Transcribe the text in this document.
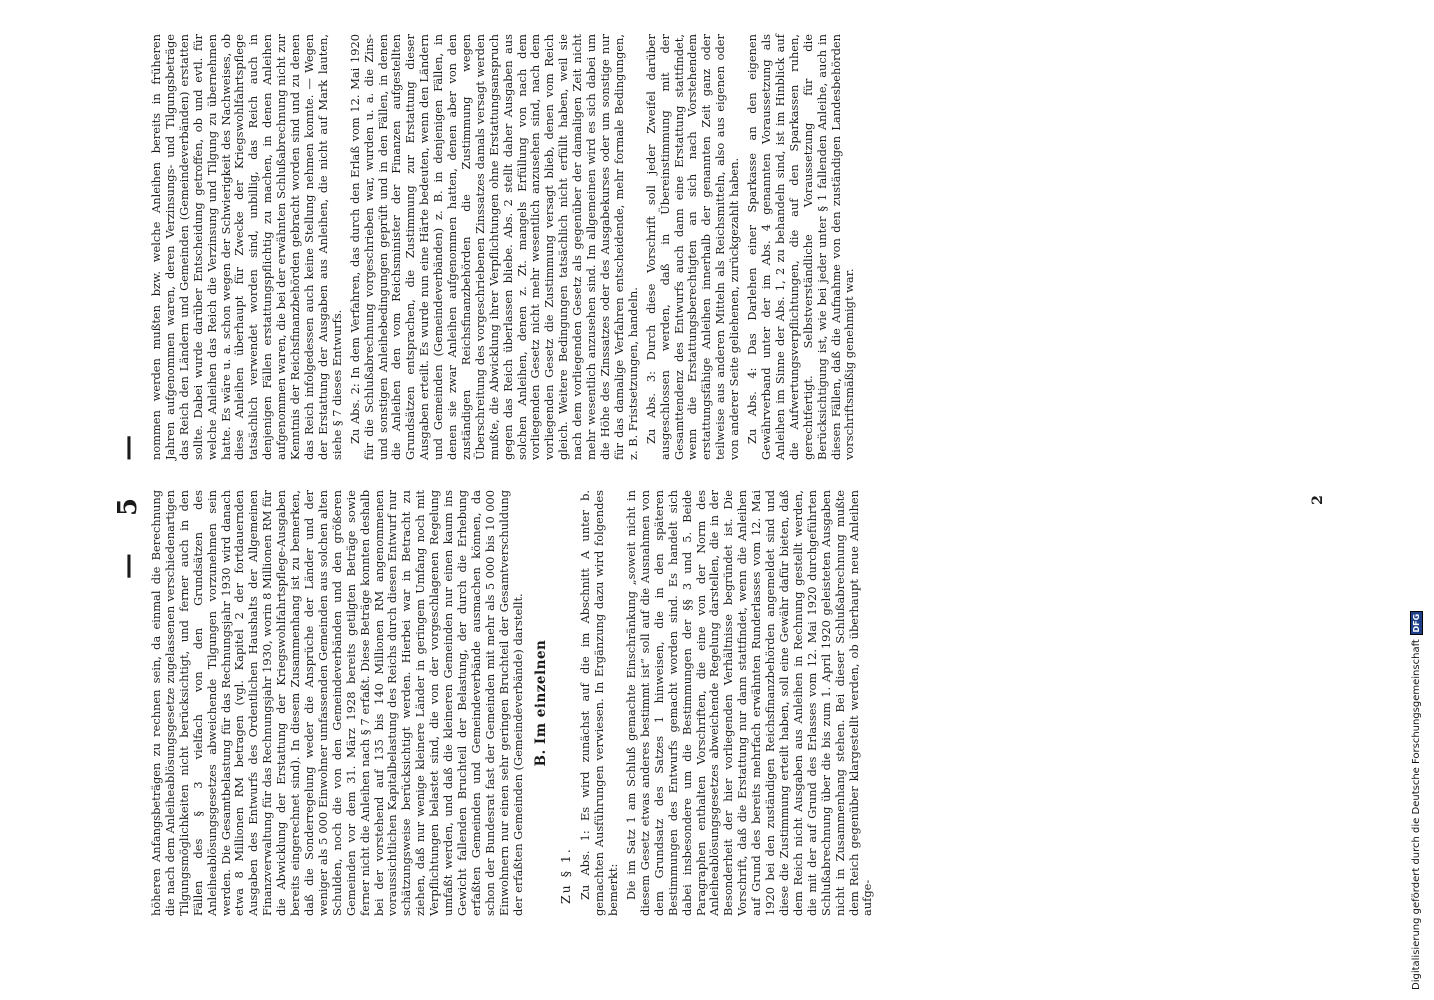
— 5 — höheren Anfangsbeträgen zu rechnen sein, da einmal die Berechnung die nach dem Anleiheablösungsgesetze zugelassenen verschiedenartigen Tilgungsmöglichkeiten nicht berücksichtigt, und ferner auch in den Fällen des § 3 vielfach von den Grundsätzen des Anleiheablösungsgesetzes abweichende Tilgungen vorzunehmen sein werden. Die Gesamtbelastung für das Rechnungsjahr 1930 wird danach etwa 8 Millionen RM betragen (vgl. Kapitel 2 der fortdauernden Ausgaben des Entwurfs des Ordentlichen Haushalts der Allgemeinen Finanzverwaltung für das Rechnungsjahr 1930, worin 8 Millionen RM für die Abwicklung der Erstattung der Kriegswohlfahrtspflege-Ausgaben bereits eingerechnet sind). In diesem Zusammenhang ist zu bemerken, daß die Sonderregelung weder die Ansprüche der Länder und der weniger als 5 000 Einwohner umfassenden Gemeinden aus solchen alten Schulden, noch die von den Gemeindeverbänden und den größeren Gemeinden vor dem 31. März 1928 bereits getilgten Beträge sowie ferner nicht die Anleihen nach § 7 erfaßt. Diese Beträge konnten deshalb bei der vorstehend auf 135 bis 140 Millionen RM angenommenen voraussichtlichen Kapitalbelastung des Reichs durch diesen Entwurf nur schätzungsweise berücksichtigt werden. Hierbei war in Betracht zu ziehen, daß nur wenige kleinere Länder in geringem Umfang noch mit Verpflichtungen belastet sind, die von der vorgeschlagenen Regelung umfaßt werden, und daß die kleineren Gemeinden nur einen kaum ins Gewicht fallenden Bruchteil der Belastung, der durch die Erhebung erfaßten Gemeinden und Gemeindeverbände ausmachen können, da schon der Bundesrat fast der Gemeinden mit mehr als 5 000 bis 10 000 Einwohnern nur einen sehr geringen Bruchteil der Gesamtverschuldung der erfaßten Gemeinden (Gemeindeverbände) darstellt. B. Im einzelnen
Zu § 1. Zu Abs. 1: Es wird zunächst auf die im Abschnitt A unter b. gemachten Ausführungen verwiesen. In Ergänzung dazu wird folgendes bemerkt: Die im Satz 1 am Schluß gemachte Einschränkung „soweit nicht in diesem Gesetz etwas anderes bestimmt ist“ soll auf die Ausnahmen von dem Grundsatz des Satzes 1 hinweisen, die in den späteren Bestimmungen des Entwurfs gemacht worden sind. Es handelt sich dabei insbesondere um die Bestimmungen der §§ 3 und 5. Beide Paragraphen enthalten Vorschriften, die eine von der Norm des Anleiheablösungsgesetzes abweichende Regelung darstellen, die in der Besonderheit der hier vorliegenden Verhältnisse begründet ist. Die Vorschrift, daß die Erstattung nur dann stattfindet, wenn die Anleihen auf Grund des bereits mehrfach erwähnten Runderlasses vom 12. Mai 1920 bei den zuständigen Reichsfinanzbehörden angemeldet sind und diese die Zustimmung erteilt haben, soll eine Gewähr dafür bieten, daß dem Reich nicht Ausgaben aus Anleihen in Rechnung gestellt werden, die mit der auf Grund des Erlasses vom 12. Mai 1920 durchgeführten Schlußabrechnung über die bis zum 1. April 1920 geleisteten Ausgaben nicht in Zusammenhang stehen. Bei dieser Schlußabrechnung mußte dem Reich gegenüber klargestellt werden, ob überhaupt neue Anleihen aufge-

nommen werden mußten bzw. welche Anleihen bereits in früheren Jahren aufgenommen waren, deren Verzinsungs- und Tilgungsbeträge das Reich den Ländern und Gemeinden (Gemeindeverbänden) erstatten sollte. Dabei wurde darüber Entscheidung getroffen, ob und evtl. für welche Anleihen das Reich die Verzinsung und Tilgung zu übernehmen hatte. Es wäre u. a. schon wegen der Schwierigkeit des Nachweises, ob diese Anleihen überhaupt für Zwecke der Kriegswohlfahrtspflege tatsächlich verwendet worden sind, unbillig, das Reich auch in denjenigen Fällen erstattungspflichtig zu machen, in denen Anleihen aufgenommen waren, die bei der erwähnten Schlußabrechnung nicht zur Kenntnis der Reichsfinanzbehörden gebracht worden sind und zu denen das Reich infolgedessen auch keine Stellung nehmen konnte. — Wegen der Erstattung der Ausgaben aus Anleihen, die nicht auf Mark lauten, siehe § 7 dieses Entwurfs. Zu Abs. 2: In dem Verfahren, das durch den Erlaß vom 12. Mai 1920 für die Schlußabrechnung vorgeschrieben war, wurden u. a. die Zins- und sonstigen Anleihebedingungen geprüft und in den Fällen, in denen die Anleihen den vom Reichsminister der Finanzen aufgestellten Grundsätzen entsprachen, die Zustimmung zur Erstattung dieser Ausgaben erteilt. Es wurde nun eine Härte bedeuten, wenn den Ländern und Gemeinden (Gemeindeverbänden) z. B. in denjenigen Fällen, in denen sie zwar Anleihen aufgenommen hatten, denen aber von den zuständigen Reichsfinanzbehörden die Zustimmung wegen Überschreitung des vorgeschriebenen Zinssatzes damals versagt werden mußte, die Abwicklung ihrer Verpflichtungen ohne Erstattungsanspruch gegen das Reich überlassen bliebe. Abs. 2 stellt daher Ausgaben aus solchen Anleihen, denen z. Zt. mangels Erfüllung von nach dem vorliegenden Gesetz nicht mehr wesentlich anzusehen sind, nach dem vorliegenden Gesetz die Zustimmung versagt blieb, denen vom Reich gleich. Weitere Bedingungen tatsächlich nicht erfüllt haben, weil sie nach dem vorliegenden Gesetz als gegenüber der damaligen Zeit nicht mehr wesentlich anzusehen sind. Im allgemeinen wird es sich dabei um die Höhe des Zinssatzes oder des Ausgabekurses oder um sonstige nur für das damalige Verfahren entscheidende, mehr formale Bedingungen, z. B. Fristsetzungen, handeln. Zu Abs. 3: Durch diese Vorschrift soll jeder Zweifel darüber ausgeschlossen werden, daß in Übereinstimmung mit der Gesamttendenz des Entwurfs auch dann eine Erstattung stattfindet, wenn die Erstattungsberechtigten an sich nach Vorstehendem erstattungsfähige Anleihen innerhalb der genannten Zeit ganz oder teilweise aus anderen Mitteln als Reichsmitteln, also aus eigenen oder von anderer Seite geliehenen, zurückgezahlt haben. Zu Abs. 4: Das Darlehen einer Sparkasse an den eigenen Gewährverband unter der im Abs. 4 genannten Voraussetzung als Anleihen im Sinne der Abs. 1, 2 zu behandeln sind, ist im Hinblick auf die Aufwertungsverpflichtungen, die auf den Sparkassen ruhen, gerechtfertigt. Selbstverständliche Voraussetzung für die Berücksichtigung ist, wie bei jeder unter § 1 fallenden Anleihe, auch in diesen Fällen, daß die Aufnahme von den zuständigen Landesbehörden vorschriftsmäßig genehmigt war.

2
Digitalisierung gefördert durch die Deutsche Forschungsgemeinschaft
DFG
